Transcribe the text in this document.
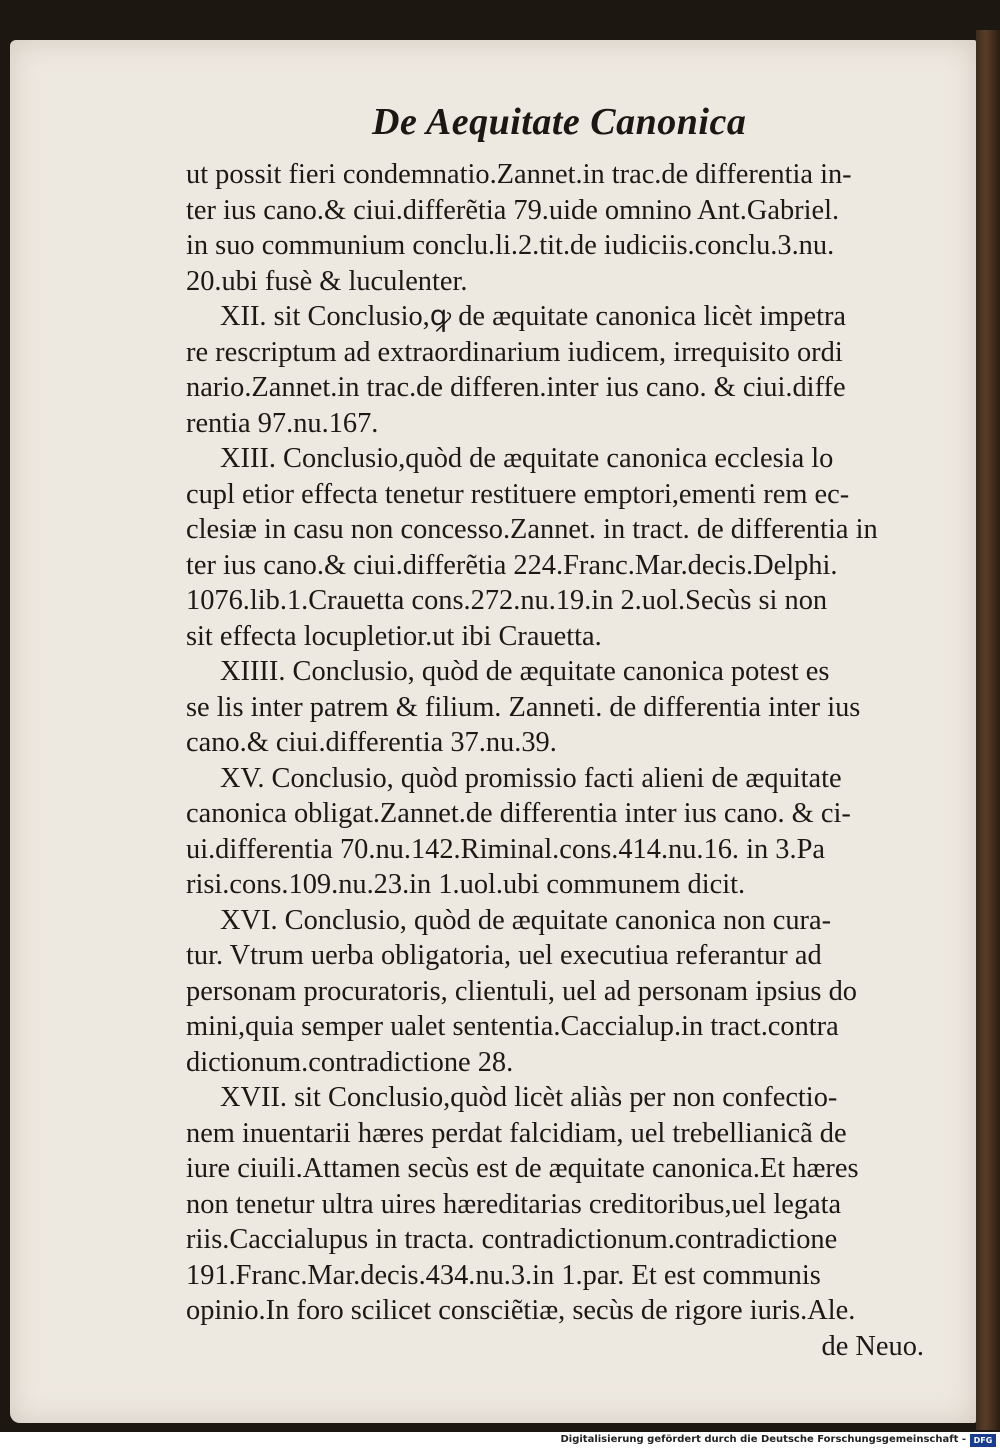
De Aequitate Canonica
ut possit fieri condemnatio.Zannet.in trac.de differentia in-
ter ius cano.& ciui.differẽtia 79.uide omnino Ant.Gabriel.
in suo communium conclu.li.2.tit.de iudiciis.conclu.3.nu.
20.ubi fusè & luculenter.
XII. sit Conclusio,ꝙ de æquitate canonica licèt impetra
re rescriptum ad extraordinarium iudicem, irrequisito ordi
nario.Zannet.in trac.de differen.inter ius cano. & ciui.diffe
rentia 97.nu.167.
XIII. Conclusio,quòd de æquitate canonica ecclesia lo
cupl etior effecta tenetur restituere emptori,ementi rem ec-
clesiæ in casu non concesso.Zannet. in tract. de differentia in
ter ius cano.& ciui.differẽtia 224.Franc.Mar.decis.Delphi.
1076.lib.1.Crauetta cons.272.nu.19.in 2.uol.Secùs si non
sit effecta locupletior.ut ibi Crauetta.
XIIII. Conclusio, quòd de æquitate canonica potest es
se lis inter patrem & filium. Zanneti. de differentia inter ius
cano.& ciui.differentia 37.nu.39.
XV. Conclusio, quòd promissio facti alieni de æquitate
canonica obligat.Zannet.de differentia inter ius cano. & ci-
ui.differentia 70.nu.142.Riminal.cons.414.nu.16. in 3.Pa
risi.cons.109.nu.23.in 1.uol.ubi communem dicit.
XVI. Conclusio, quòd de æquitate canonica non cura-
tur. Vtrum uerba obligatoria, uel executiua referantur ad
personam procuratoris, clientuli, uel ad personam ipsius do
mini,quia semper ualet sententia.Caccialup.in tract.contra
dictionum.contradictione 28.
XVII. sit Conclusio,quòd licèt aliàs per non confectio-
nem inuentarii hæres perdat falcidiam, uel trebellianicã de
iure ciuili.Attamen secùs est de æquitate canonica.Et hæres
non tenetur ultra uires hæreditarias creditoribus,uel legata
riis.Caccialupus in tracta. contradictionum.contradictione
191.Franc.Mar.decis.434.nu.3.in 1.par. Et est communis
opinio.In foro scilicet consciẽtiæ, secùs de rigore iuris.Ale.
de Neuo.
Digitalisierung gefördert durch die Deutsche Forschungsgemeinschaft - DFG
